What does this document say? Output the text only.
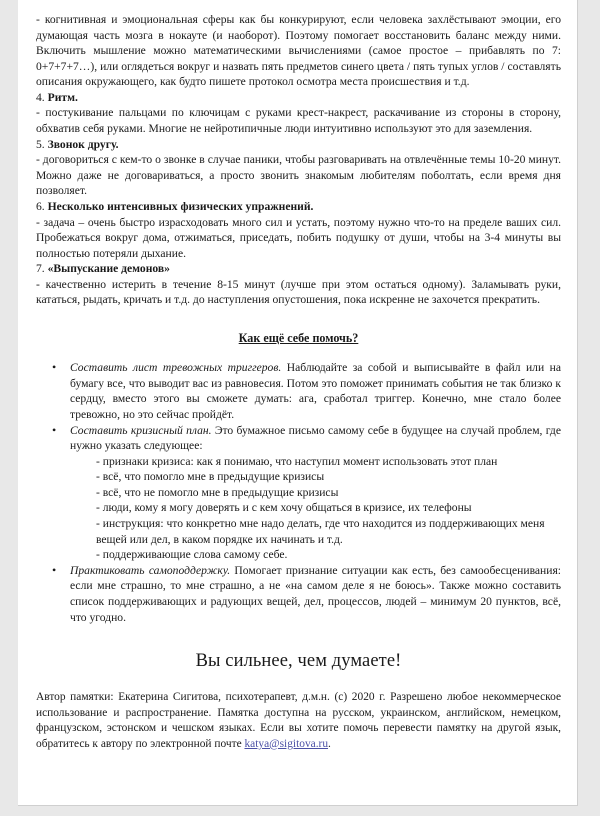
- когнитивная и эмоциональная сферы как бы конкурируют, если человека захлёстывают эмоции, его думающая часть мозга в нокауте (и наоборот). Поэтому помогает восстановить баланс между ними. Включить мышление можно математическими вычислениями (самое простое – прибавлять по 7: 0+7+7+7…), или оглядеться вокруг и назвать пять предметов синего цвета / пять тупых углов / составлять описания окружающего, как будто пишете протокол осмотра места происшествия и т.д.

4. Ритм.

- постукивание пальцами по ключицам с руками крест-накрест, раскачивание из стороны в сторону, обхватив себя руками. Многие не нейротипичные люди интуитивно используют это для заземления.

5. Звонок другу.

- договориться с кем-то о звонке в случае паники, чтобы разговаривать на отвлечённые темы 10-20 минут. Можно даже не договариваться, а просто звонить знакомым любителям поболтать, если время дня позволяет.

6. Несколько интенсивных физических упражнений.

- задача – очень быстро израсходовать много сил и устать, поэтому нужно что-то на пределе ваших сил. Пробежаться вокруг дома, отжиматься, приседать, побить подушку от души, чтобы на 3-4 минуты вы полностью потеряли дыхание.

7. «Выпускание демонов»

- качественно истерить в течение 8-15 минут (лучше при этом остаться одному). Заламывать руки, кататься, рыдать, кричать и т.д. до наступления опустошения, пока искренне не захочется прекратить.

Как ещё себе помочь?
• Составить лист тревожных триггеров. Наблюдайте за собой и выписывайте в файл или на бумагу все, что выводит вас из равновесия. Потом это поможет принимать события не так близко к сердцу, вместо этого вы сможете думать: ага, сработал триггер. Конечно, мне стало более тревожно, но это сейчас пройдёт.
• Составить кризисный план. Это бумажное письмо самому себе в будущее на случай проблем, где нужно указать следующее:
- признаки кризиса: как я понимаю, что наступил момент использовать этот план
- всё, что помогло мне в предыдущие кризисы
- всё, что не помогло мне в предыдущие кризисы
- люди, кому я могу доверять и с кем хочу общаться в кризисе, их телефоны
- инструкция: что конкретно мне надо делать, где что находится из поддерживающих меня вещей или дел, в каком порядке их начинать и т.д.
- поддерживающие слова самому себе.
• Практиковать самоподдержку. Помогает признание ситуации как есть, без самообесценивания: если мне страшно, то мне страшно, а не «на самом деле я не боюсь». Также можно составить список поддерживающих и радующих вещей, дел, процессов, людей – минимум 20 пунктов, всё, что угодно.
Вы сильнее, чем думаете!

Автор памятки: Екатерина Сигитова, психотерапевт, д.м.н. (с) 2020 г. Разрешено любое некоммерческое использование и распространение. Памятка доступна на русском, украинском, английском, немецком, французском, эстонском и чешском языках. Если вы хотите помочь перевести памятку на другой язык, обратитесь к автору по электронной почте katya@sigitova.ru.
